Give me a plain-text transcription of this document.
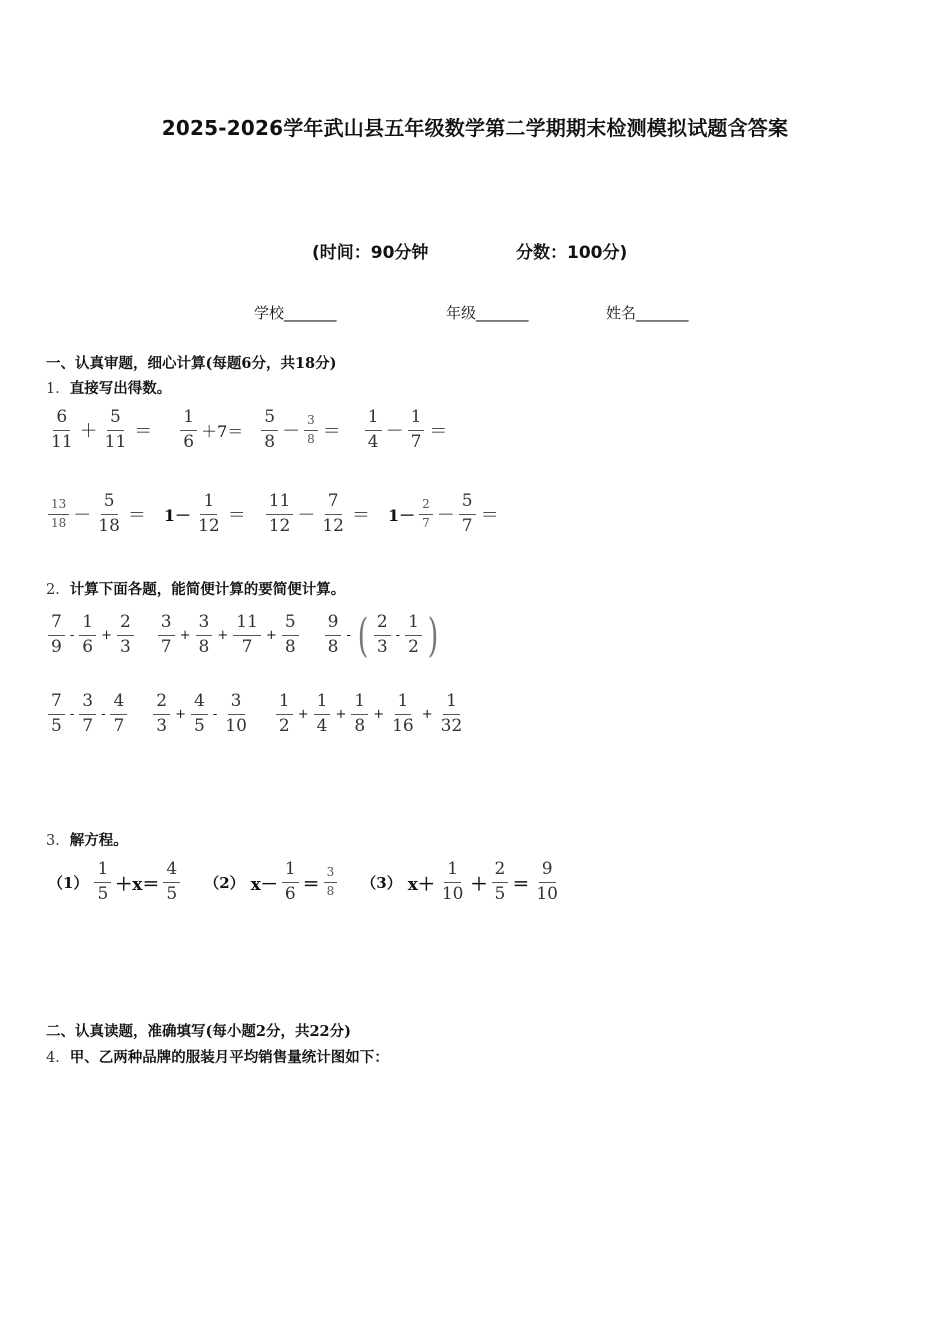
2025-2026学年武山县五年级数学第二学期期末检测模拟试题含答案
(时间：90分钟	分数：100分)
学校_______	年级_______	姓名_______
一、认真审题，细心计算(每题6分，共18分)
1．直接写出得数。
$\frac{6}{11} + \frac{5}{11} = \frac{1}{6} +7= \frac{5}{8} - \frac{3}{8} = \frac{1}{4} - \frac{1}{7}$ ＝
$\frac{13}{18} - \frac{5}{18} = 1- \frac{1}{12} = \frac{11}{12} - \frac{7}{12} = 1- \frac{2}{7} - \frac{5}{7}$ ＝
2．计算下面各题，能简便计算的要简便计算。
$\frac{7}{9} - \frac{1}{6} + \frac{2}{3} \frac{3}{7} + \frac{3}{8} + \frac{11}{7} + \frac{5}{8} \frac{9}{8}$ - ( $\frac{2}{3} - \frac{1}{2}$ )
$\frac{7}{5} - \frac{3}{7} - \frac{4}{7} \frac{2}{3} + \frac{4}{5} - \frac{3}{10} \frac{1}{2} + \frac{1}{4} + \frac{1}{8} + \frac{1}{16} + \frac{1}{32}$
3．解方程。
$(1) \frac{1}{5} +x= \frac{4}{5} (2)$ $x- \frac{1}{6} = \frac{3}{8} (3)$ $x+ \frac{1}{10} + \frac{2}{5} = \frac{9}{10}$
二、认真读题，准确填写(每小题2分，共22分)
4．甲、乙两种品牌的服装月平均销售量统计图如下：
